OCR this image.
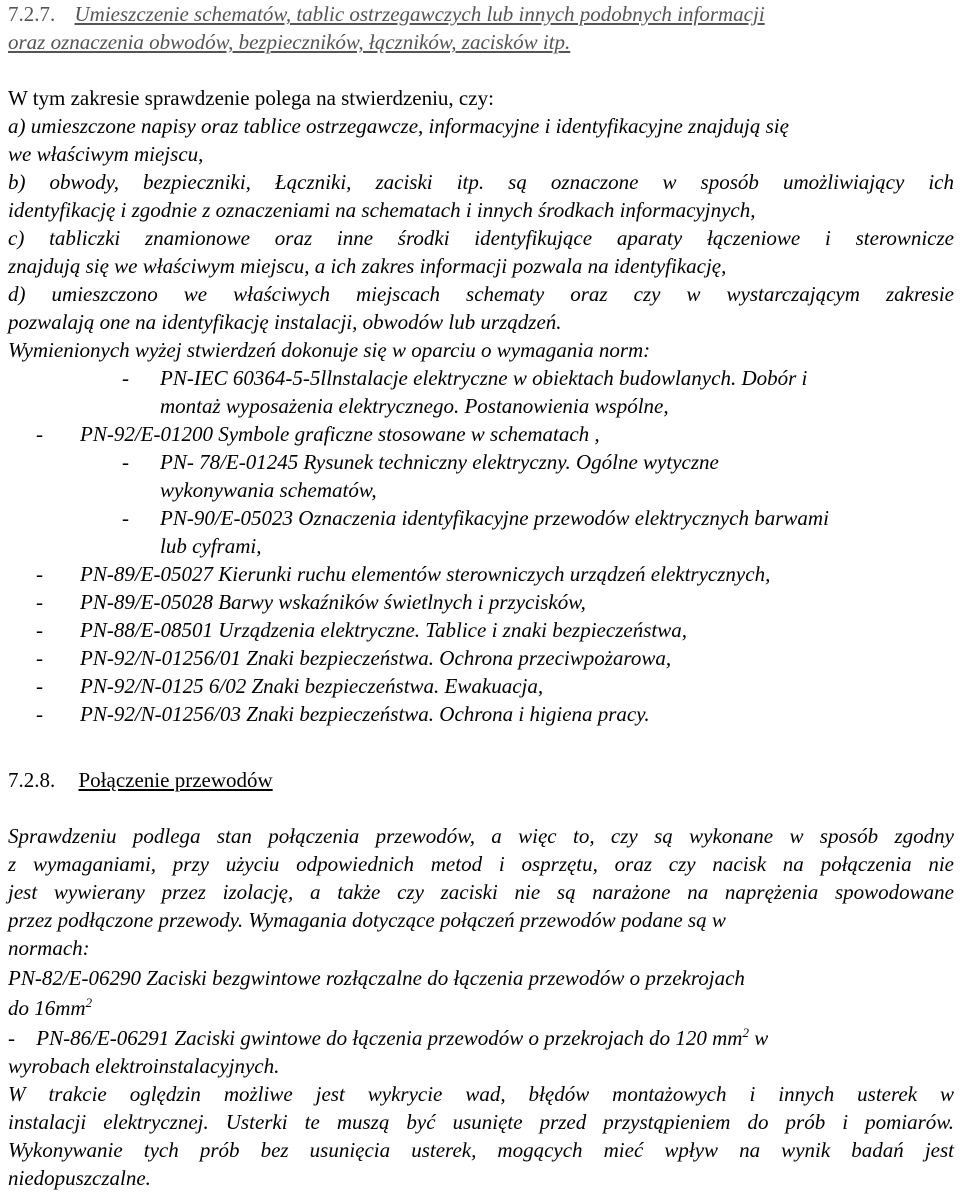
7.2.7. Umieszczenie schematów, tablic ostrzegawczych lub innych podobnych informacji
oraz oznaczenia obwodów, bezpieczników, łączników, zacisków itp.
W tym zakresie sprawdzenie polega na stwierdzeniu, czy:
a) umieszczone napisy oraz tablice ostrzegawcze, informacyjne i identyfikacyjne znajdują się
we właściwym miejscu,
b) obwody, bezpieczniki, Łączniki, zaciski itp. są oznaczone w sposób umożliwiający ich
identyfikację i zgodnie z oznaczeniami na schematach i innych środkach informacyjnych,
c) tabliczki znamionowe oraz inne środki identyfikujące aparaty łączeniowe i sterownicze
znajdują się we właściwym miejscu, a ich zakres informacji pozwala na identyfikację,
d) umieszczono we właściwych miejscach schematy oraz czy w wystarczającym zakresie
pozwalają one na identyfikację instalacji, obwodów lub urządzeń.
Wymienionych wyżej stwierdzeń dokonuje się w oparciu o wymagania norm:
- PN-IEC 60364-5-5llnstalacje elektryczne w obiektach budowlanych. Dobór i
montaż wyposażenia elektrycznego. Postanowienia wspólne,
- PN-92/E-01200 Symbole graficzne stosowane w schematach ,
- PN- 78/E-01245 Rysunek techniczny elektryczny. Ogólne wytyczne
wykonywania schematów,
- PN-90/E-05023 Oznaczenia identyfikacyjne przewodów elektrycznych barwami
lub cyframi,
- PN-89/E-05027 Kierunki ruchu elementów sterowniczych urządzeń elektrycznych,
- PN-89/E-05028 Barwy wskaźników świetlnych i przycisków,
- PN-88/E-08501 Urządzenia elektryczne. Tablice i znaki bezpieczeństwa,
- PN-92/N-01256/01 Znaki bezpieczeństwa. Ochrona przeciwpożarowa,
- PN-92/N-0125 6/02 Znaki bezpieczeństwa. Ewakuacja,
- PN-92/N-01256/03 Znaki bezpieczeństwa. Ochrona i higiena pracy.
7.2.8. Połączenie przewodów
Sprawdzeniu podlega stan połączenia przewodów, a więc to, czy są wykonane w sposób zgodny
z wymaganiami, przy użyciu odpowiednich metod i osprzętu, oraz czy nacisk na połączenia nie
jest wywierany przez izolację, a także czy zaciski nie są narażone na naprężenia spowodowane
przez podłączone przewody. Wymagania dotyczące połączeń przewodów podane są w
normach:
PN-82/E-06290 Zaciski bezgwintowe rozłączalne do łączenia przewodów o przekrojach
do $16mm^2$
- PN-86/E-06291 Zaciski gwintowe do łączenia przewodów o przekrojach do 120 $mm^2$ w
wyrobach elektroinstalacyjnych.
W trakcie oględzin możliwe jest wykrycie wad, błędów montażowych i innych usterek w
instalacji elektrycznej. Usterki te muszą być usunięte przed przystąpieniem do prób i pomiarów.
Wykonywanie tych prób bez usunięcia usterek, mogących mieć wpływ na wynik badań jest
niedopuszczalne.
